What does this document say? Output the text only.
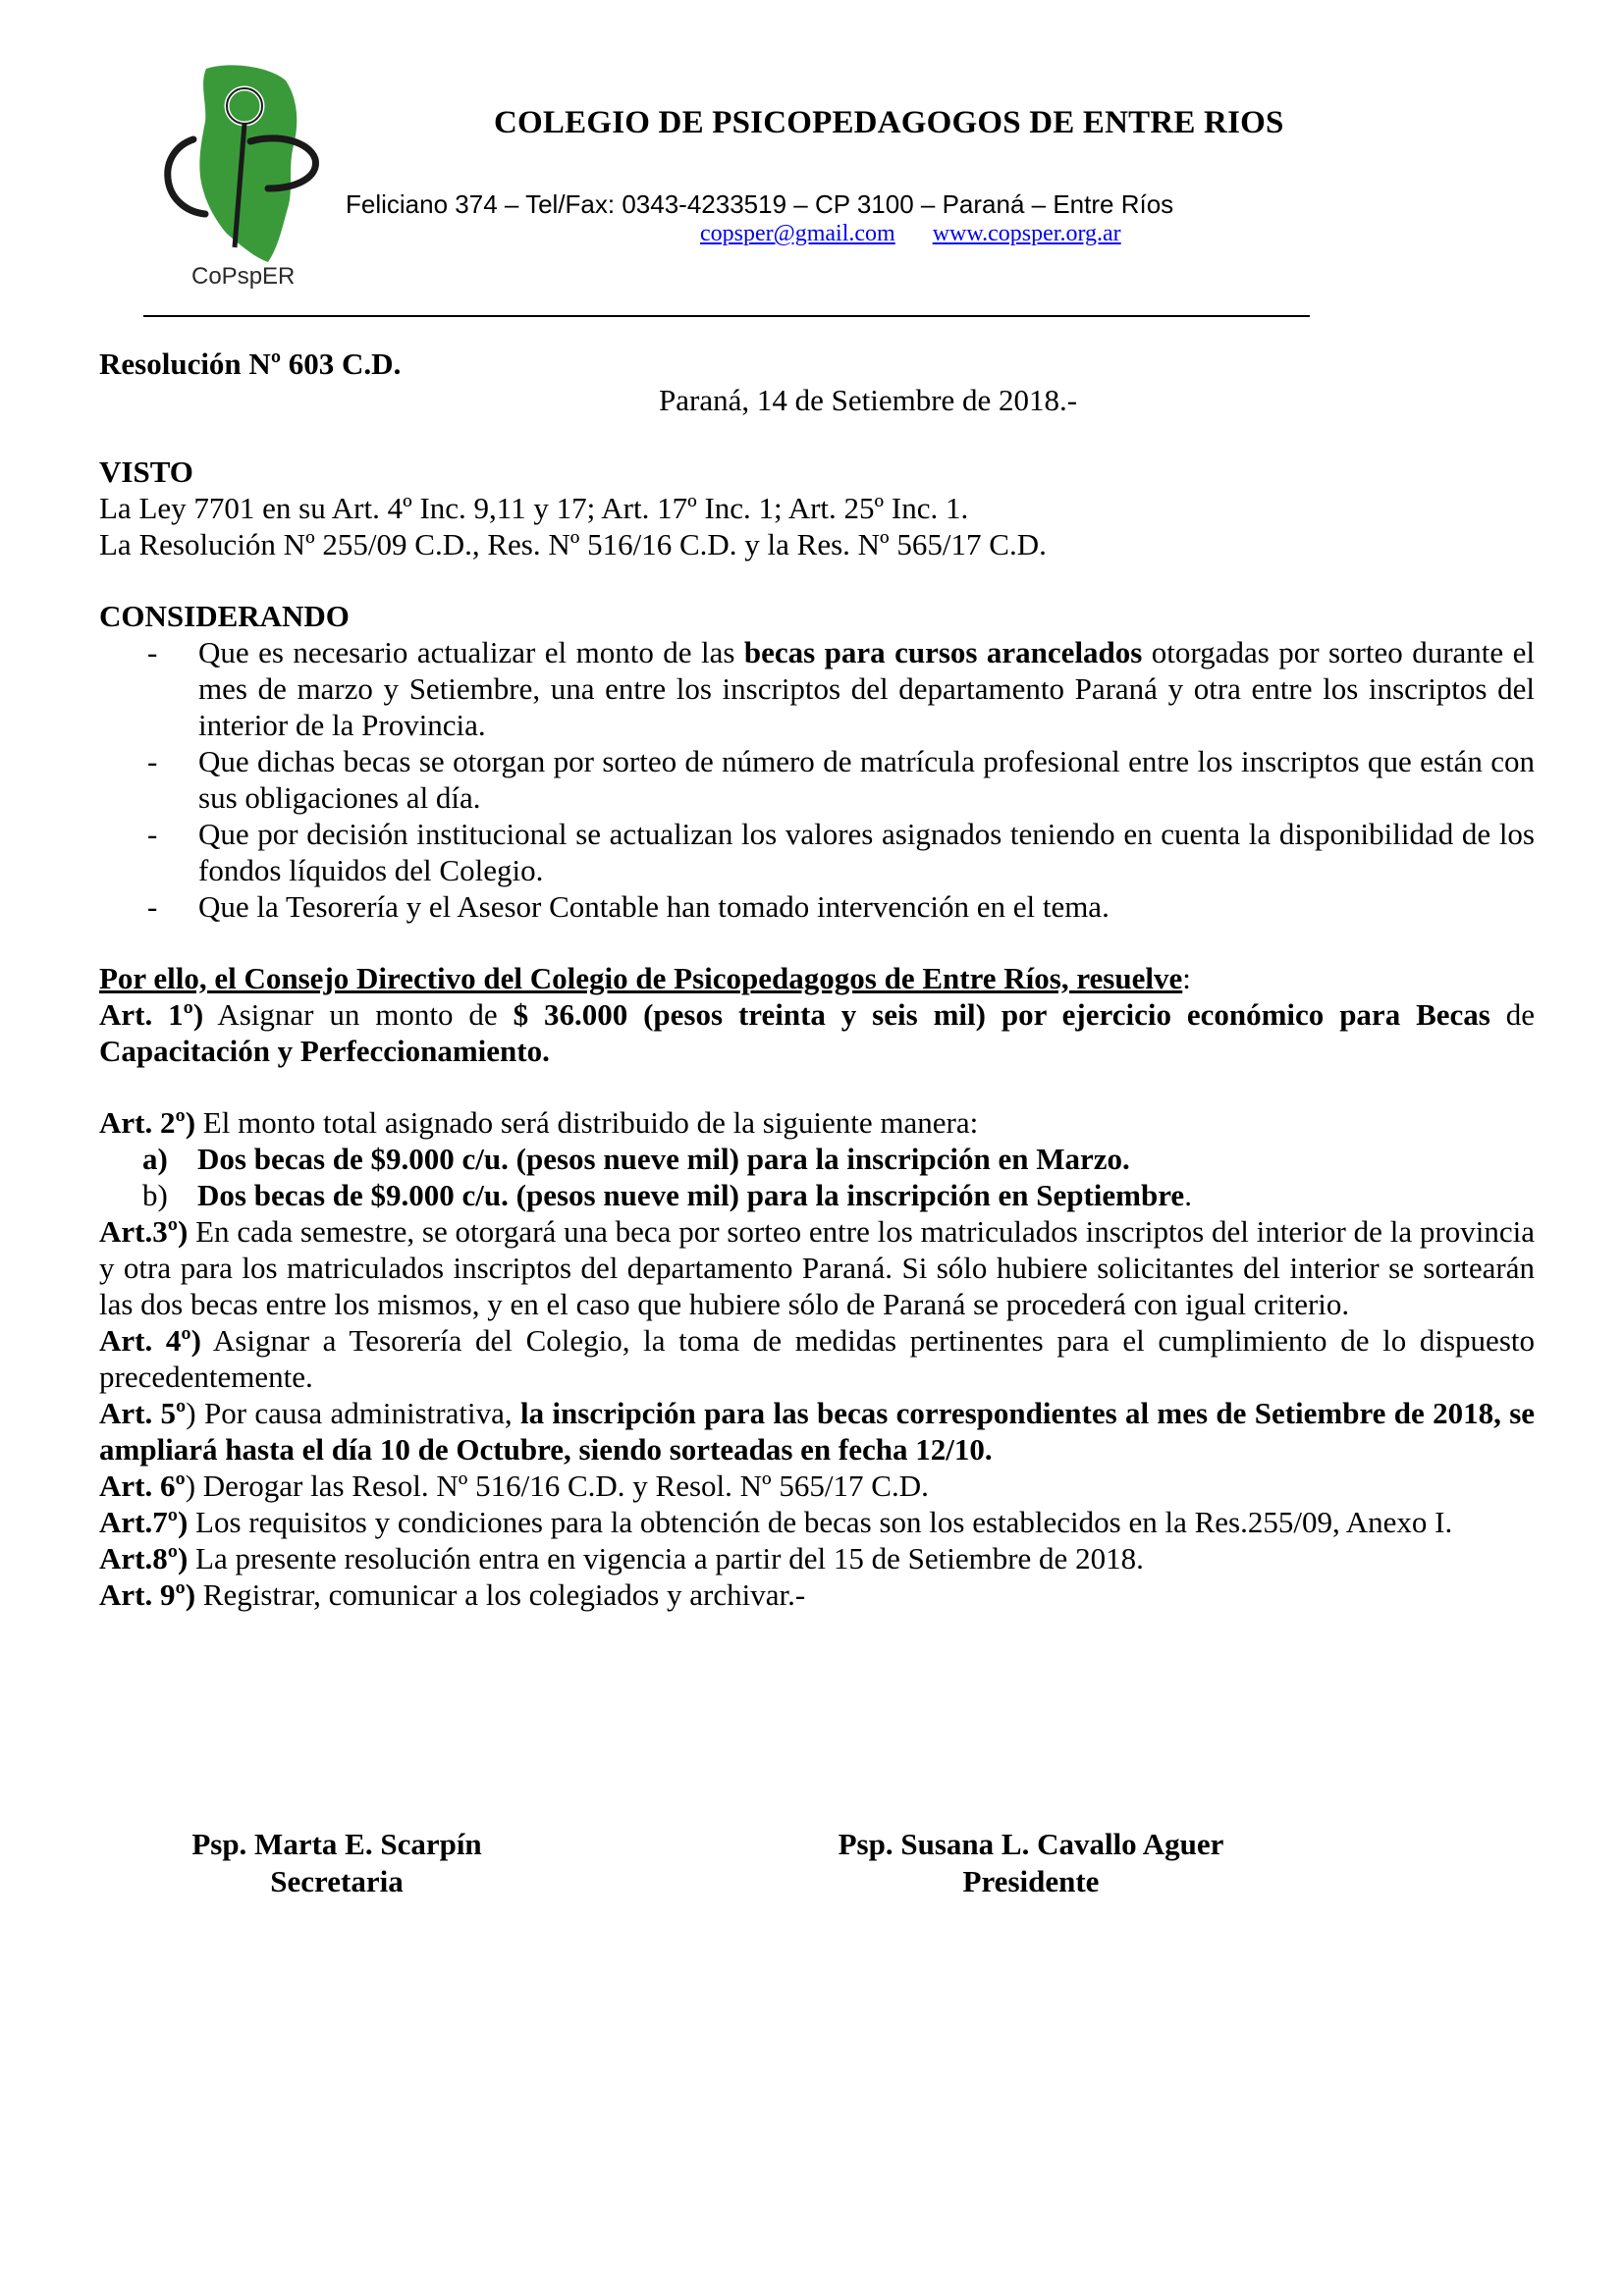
CoPspER
COLEGIO DE PSICOPEDAGOGOS DE ENTRE RIOS
Feliciano 374 – Tel/Fax: 0343-4233519 – CP 3100 – Paraná – Entre Ríos
copsper@gmail.com www.copsper.org.ar
Resolución Nº 603 C.D.
Paraná, 14 de Setiembre de 2018.-
VISTO
La Ley 7701 en su Art. 4º Inc. 9,11 y 17; Art. 17º Inc. 1; Art. 25º Inc. 1.
La Resolución Nº 255/09 C.D., Res. Nº 516/16 C.D. y la Res. Nº 565/17 C.D.
CONSIDERANDO
-	Que es necesario actualizar el monto de las becas para cursos arancelados otorgadas por sorteo durante el mes de marzo y Setiembre, una entre los inscriptos del departamento Paraná y otra entre los inscriptos del interior de la Provincia.
-	Que dichas becas se otorgan por sorteo de número de matrícula profesional entre los inscriptos que están con sus obligaciones al día.
-	Que por decisión institucional se actualizan los valores asignados teniendo en cuenta la disponibilidad de los fondos líquidos del Colegio.
-	Que la Tesorería y el Asesor Contable han tomado intervención en el tema.
Por ello, el Consejo Directivo del Colegio de Psicopedagogos de Entre Ríos, resuelve:
Art. 1º) Asignar un monto de $ 36.000 (pesos treinta y seis mil) por ejercicio económico para Becas de Capacitación y Perfeccionamiento.
Art. 2º) El monto total asignado será distribuido de la siguiente manera:
a) Dos becas de $9.000 c/u. (pesos nueve mil) para la inscripción en Marzo.
b) Dos becas de $9.000 c/u. (pesos nueve mil) para la inscripción en Septiembre.
Art.3º) En cada semestre, se otorgará una beca por sorteo entre los matriculados inscriptos del interior de la provincia y otra para los matriculados inscriptos del departamento Paraná. Si sólo hubiere solicitantes del interior se sortearán las dos becas entre los mismos, y en el caso que hubiere sólo de Paraná se procederá con igual criterio.
Art. 4º) Asignar a Tesorería del Colegio, la toma de medidas pertinentes para el cumplimiento de lo dispuesto precedentemente.
Art. 5º) Por causa administrativa, la inscripción para las becas correspondientes al mes de Setiembre de 2018, se ampliará hasta el día 10 de Octubre, siendo sorteadas en fecha 12/10.
Art. 6º) Derogar las Resol. Nº 516/16 C.D. y Resol. Nº 565/17 C.D.
Art.7º) Los requisitos y condiciones para la obtención de becas son los establecidos en la Res.255/09, Anexo I.
Art.8º) La presente resolución entra en vigencia a partir del 15 de Setiembre de 2018.
Art. 9º) Registrar, comunicar a los colegiados y archivar.-
Psp. Marta E. Scarpín
Secretaria
Psp. Susana L. Cavallo Aguer
Presidente
